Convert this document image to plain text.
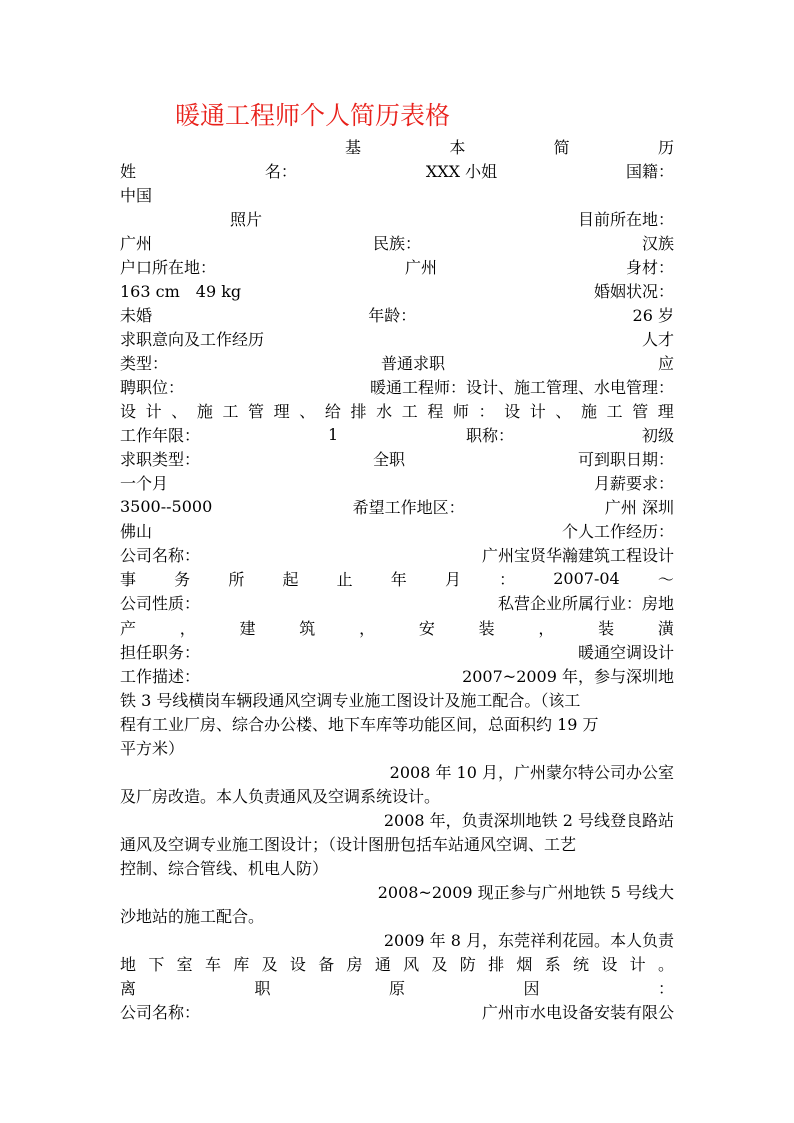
暖通工程师个人简历表格
基	本	简	历
姓	名：	XXX 小姐	国籍：
中国
照片	目前所在地：
广州	民族：	汉族
户口所在地：	广州	身材：
163 cm　49 kg	婚姻状况：
未婚	年龄：	26 岁
求职意向及工作经历	人才
类型：	普通求职	应
聘职位：	暖通工程师：设计、施工管理、水电管理：
设 计 、 施 工 管 理 、 给 排 水 工 程 师 ： 设 计 、 施 工 管 理
工作年限：	1	职称：	初级
求职类型：	全职	可到职日期：
一个月	月薪要求：
3500--5000	希望工作地区：	广州 深圳
佛山	个人工作经历：
公司名称：	广州宝贤华瀚建筑工程设计
事 务 所 起 止 年 月 ： 2007-04 ～
公司性质：	私营企业所属行业：房地
产	，	建	筑	，	安	装	，	装	潢
担任职务：	暖通空调设计
工作描述：	2007~2009 年，参与深圳地
铁 3 号线横岗车辆段通风空调专业施工图设计及施工配合。（该工
程有工业厂房、综合办公楼、地下车库等功能区间，总面积约 19 万
平方米）
2008 年 10 月，广州蒙尔特公司办公室
及厂房改造。本人负责通风及空调系统设计。
2008 年，负责深圳地铁 2 号线登良路站
通风及空调专业施工图设计；（设计图册包括车站通风空调、工艺
控制、综合管线、机电人防）
2008~2009 现正参与广州地铁 5 号线大
沙地站的施工配合。
2009 年 8 月，东莞祥利花园。本人负责
地 下 室 车 库 及 设 备 房 通 风 及 防 排 烟 系 统 设 计 。
离	职	原	因	：
公司名称：	广州市水电设备安装有限公
